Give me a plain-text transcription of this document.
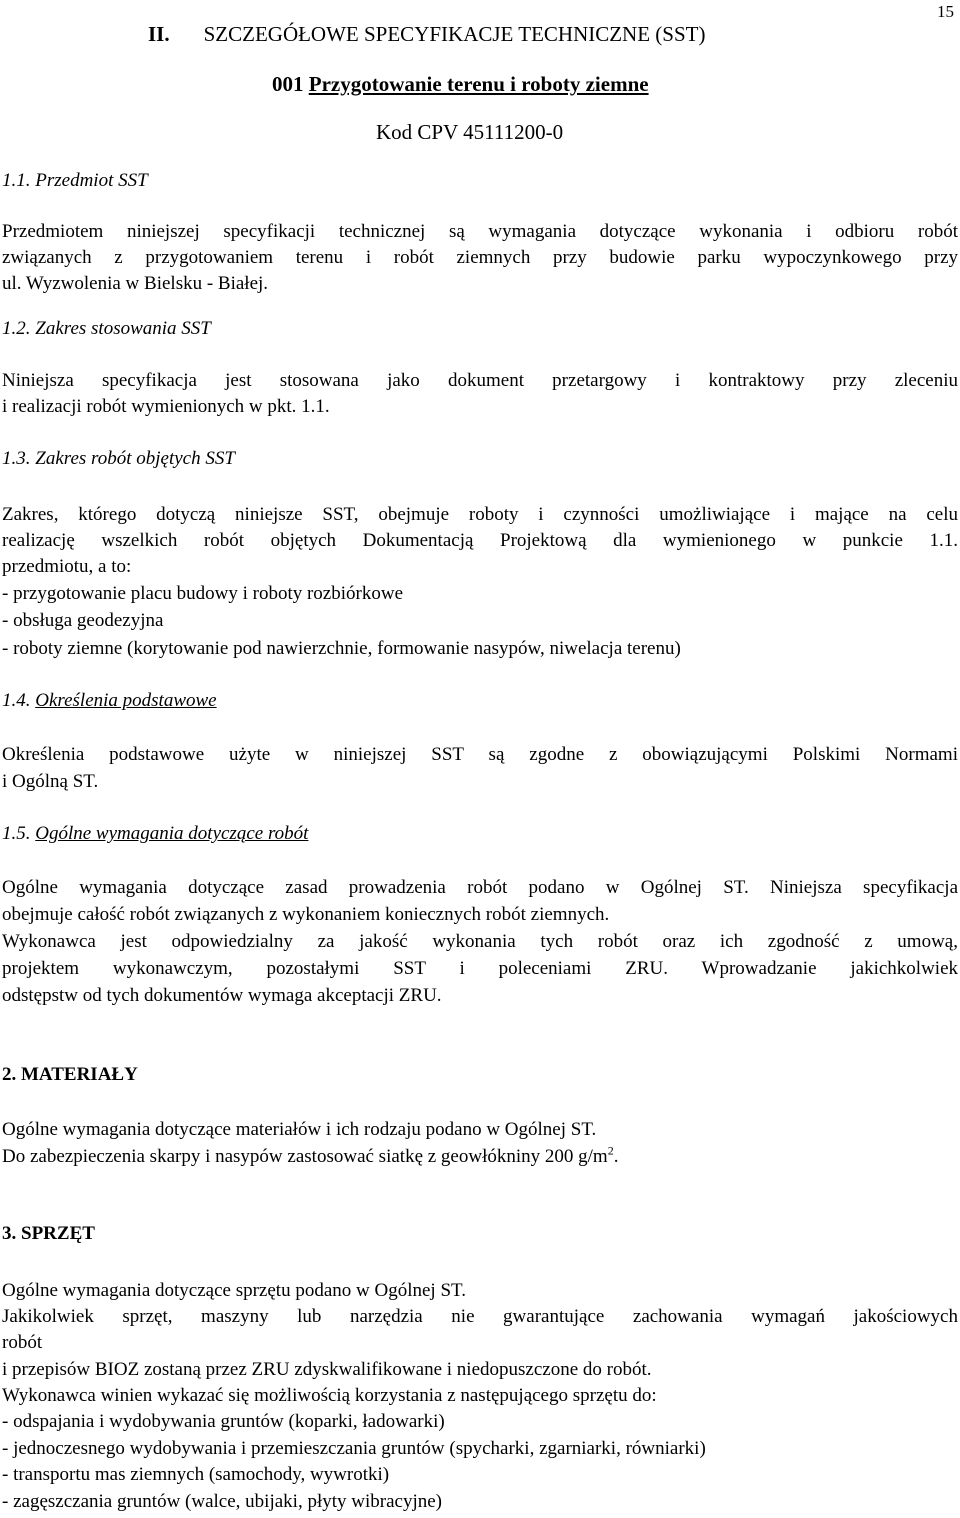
15
II. SZCZEGÓŁOWE SPECYFIKACJE TECHNICZNE (SST)
001 Przygotowanie terenu i roboty ziemne
Kod CPV 45111200-0
1.1. Przedmiot SST
Przedmiotem niniejszej specyfikacji technicznej są wymagania dotyczące wykonania i odbioru robót
związanych z przygotowaniem terenu i robót ziemnych przy budowie parku wypoczynkowego przy
ul. Wyzwolenia w Bielsku - Białej.
1.2. Zakres stosowania SST
Niniejsza specyfikacja jest stosowana jako dokument przetargowy i kontraktowy przy zleceniu
i realizacji robót wymienionych w pkt. 1.1.
1.3. Zakres robót objętych SST
Zakres, którego dotyczą niniejsze SST, obejmuje roboty i czynności umożliwiające i mające na celu
realizację wszelkich robót objętych Dokumentacją Projektową dla wymienionego w punkcie 1.1.
przedmiotu, a to:
- przygotowanie placu budowy i roboty rozbiórkowe
- obsługa geodezyjna
- roboty ziemne (korytowanie pod nawierzchnie, formowanie nasypów, niwelacja terenu)
1.4. Określenia podstawowe
Określenia podstawowe użyte w niniejszej SST są zgodne z obowiązującymi Polskimi Normami
i Ogólną ST.
1.5. Ogólne wymagania dotyczące robót
Ogólne wymagania dotyczące zasad prowadzenia robót podano w Ogólnej ST. Niniejsza specyfikacja
obejmuje całość robót związanych z wykonaniem koniecznych robót ziemnych.
Wykonawca jest odpowiedzialny za jakość wykonania tych robót oraz ich zgodność z umową,
projektem wykonawczym, pozostałymi SST i poleceniami ZRU. Wprowadzanie jakichkolwiek
odstępstw od tych dokumentów wymaga akceptacji ZRU.
2. MATERIAŁY
Ogólne wymagania dotyczące materiałów i ich rodzaju podano w Ogólnej ST.
Do zabezpieczenia skarpy i nasypów zastosować siatkę z geowłókniny 200 $g/m^2$.
3. SPRZĘT
Ogólne wymagania dotyczące sprzętu podano w Ogólnej ST.
Jakikolwiek sprzęt, maszyny lub narzędzia nie gwarantujące zachowania wymagań jakościowych
robót
i przepisów BIOZ zostaną przez ZRU zdyskwalifikowane i niedopuszczone do robót.
Wykonawca winien wykazać się możliwością korzystania z następującego sprzętu do:
- odspajania i wydobywania gruntów (koparki, ładowarki)
- jednoczesnego wydobywania i przemieszczania gruntów (spycharki, zgarniarki, równiarki)
- transportu mas ziemnych (samochody, wywrotki)
- zagęszczania gruntów (walce, ubijaki, płyty wibracyjne)
